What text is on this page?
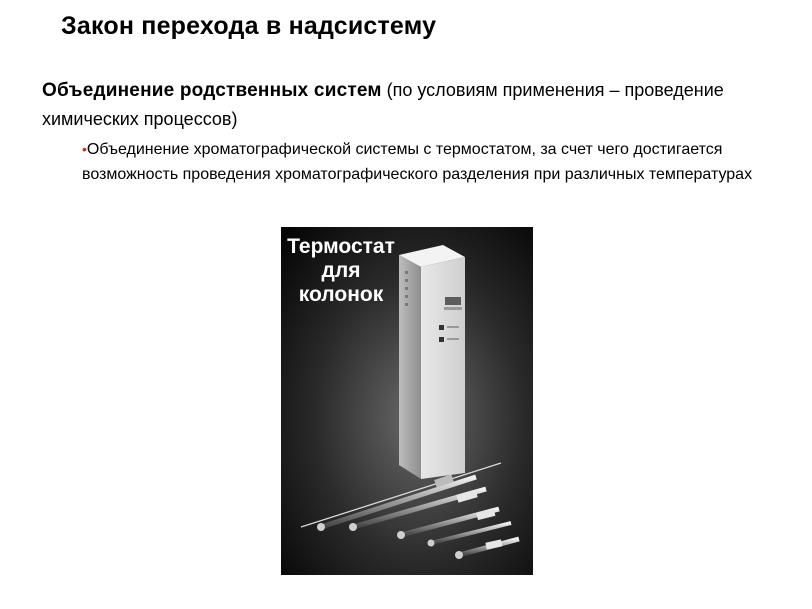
Закон перехода в надсистему
Объединение родственных систем (по условиям применения – проведение химических процессов)
•Объединение хроматографической системы с термостатом, за счет чего достигается возможность проведения хроматографического разделения при различных температурах
Термостат для колонок
